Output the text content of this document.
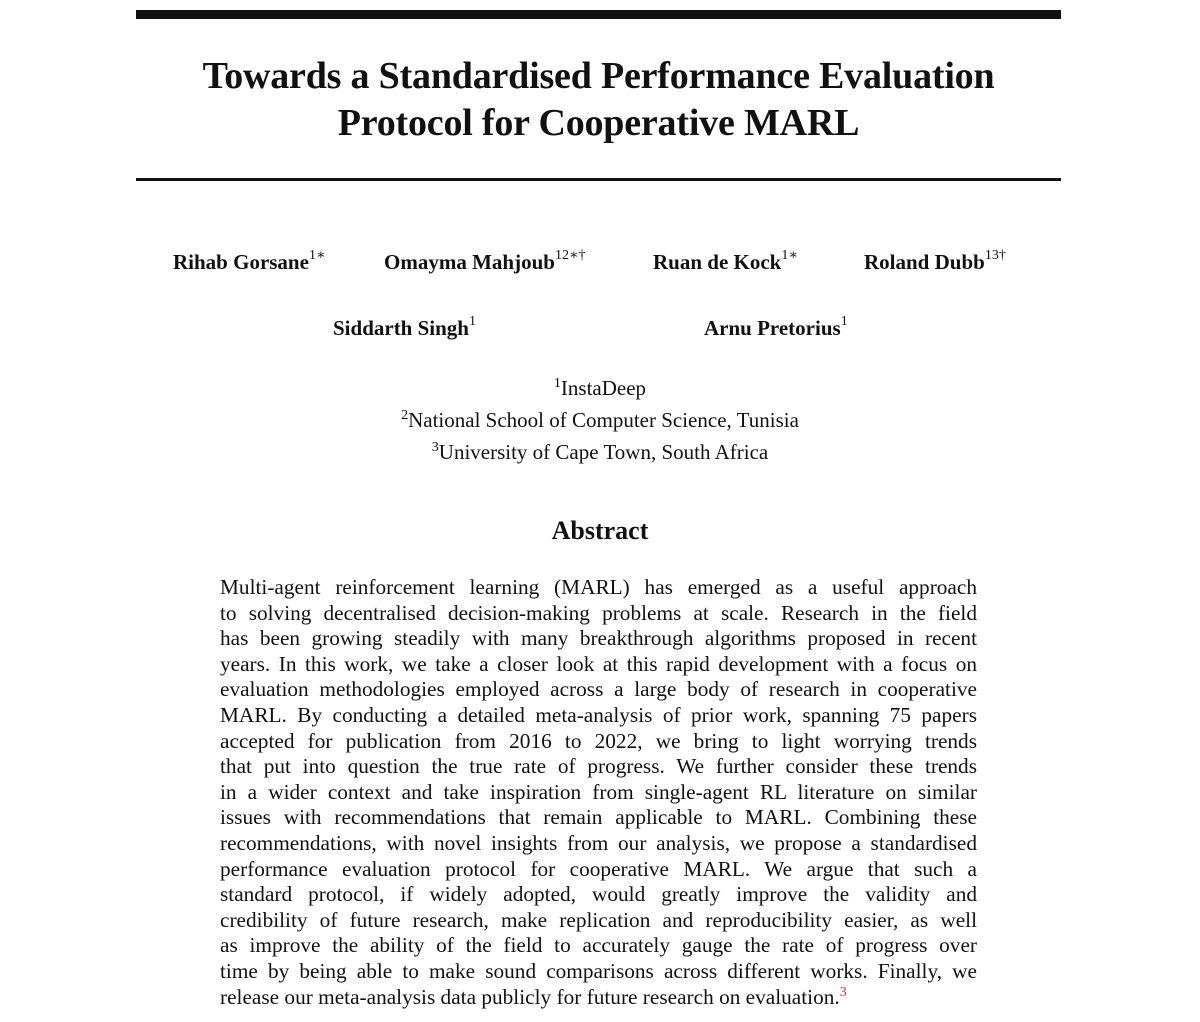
Towards a Standardised Performance Evaluation
Protocol for Cooperative MARL
Rihab Gorsane$^{1∗}$	Omayma Mahjoub$^{12∗\dagger}$	Ruan de Kock$^{1∗}$	Roland Dubb$^{13\dagger}$
Siddarth Singh$^1$	Arnu Pretorius$^1$
$^1$InstaDeep
$^2$National School of Computer Science, Tunisia
$^3$University of Cape Town, South Africa
Abstract
Multi-agent reinforcement learning (MARL) has emerged as a useful approach
to solving decentralised decision-making problems at scale. Research in the field
has been growing steadily with many breakthrough algorithms proposed in recent
years. In this work, we take a closer look at this rapid development with a focus on
evaluation methodologies employed across a large body of research in cooperative
MARL. By conducting a detailed meta-analysis of prior work, spanning 75 papers
accepted for publication from 2016 to 2022, we bring to light worrying trends
that put into question the true rate of progress. We further consider these trends
in a wider context and take inspiration from single-agent RL literature on similar
issues with recommendations that remain applicable to MARL. Combining these
recommendations, with novel insights from our analysis, we propose a standardised
performance evaluation protocol for cooperative MARL. We argue that such a
standard protocol, if widely adopted, would greatly improve the validity and
credibility of future research, make replication and reproducibility easier, as well
as improve the ability of the field to accurately gauge the rate of progress over
time by being able to make sound comparisons across different works. Finally, we
release our meta-analysis data publicly for future research on evaluation.$^3$
